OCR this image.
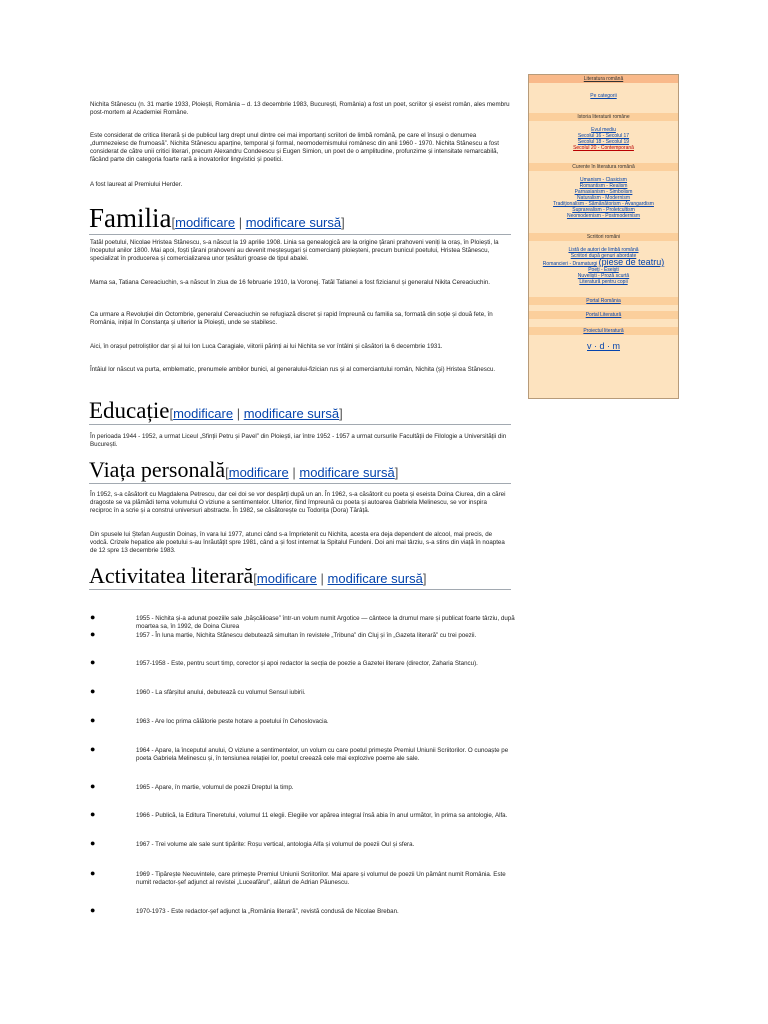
Nichita Stănescu (n. 31 martie 1933, Ploiești, România – d. 13 decembrie 1983, București, România) a fost un poet, scriitor și eseist român, ales membru post-mortem al Academiei Române.

Este considerat de critica literară și de publicul larg drept unul dintre cei mai importanți scriitori de limbă română, pe care el însuși o denumea „dumnezeiesc de frumoasă”. Nichita Stănescu aparține, temporal și formal, neomodernismului românesc din anii 1960 - 1970. Nichita Stănescu a fost considerat de către unii critici literari, precum Alexandru Condeescu și Eugen Simion, un poet de o amplitudine, profunzime și intensitate remarcabilă, făcând parte din categoria foarte rară a inovatorilor lingvistici și poetici.

A fost laureat al Premiului Herder.

Familia[modificare | modificare sursă]

Tatăl poetului, Nicolae Hristea Stănescu, s-a născut la 19 aprilie 1908. Linia sa genealogică are la origine țărani prahoveni veniți la oraș, în Ploiești, la începutul anilor 1800. Mai apoi, foști țărani prahoveni au devenit meșteșugari și comercianți ploieșteni, precum bunicul poetului, Hristea Stănescu, specializat în producerea și comercializarea unor țesături groase de tipul abalei.

Mama sa, Tatiana Cereaciuchin, s-a născut în ziua de 16 februarie 1910, la Voronej. Tatăl Tatianei a fost fizicianul și generalul Nikita Cereaciuchin.

Ca urmare a Revoluției din Octombrie, generalul Cereaciuchin se refugiază discret și rapid împreună cu familia sa, formată din soție și două fete, în România, inițial în Constanța și ulterior la Ploiești, unde se stabilesc.

Aici, în orașul petroliștilor dar și al lui Ion Luca Caragiale, viitorii părinți ai lui Nichita se vor întâlni și căsători la 6 decembrie 1931.

Întâiul lor născut va purta, emblematic, prenumele ambilor bunici, al generalului-fizician rus și al comerciantului român, Nichita (și) Hristea Stănescu.

Educație[modificare | modificare sursă]

În perioada 1944 - 1952, a urmat Liceul „Sfinții Petru și Pavel” din Ploiești, iar între 1952 - 1957 a urmat cursurile Facultății de Filologie a Universității din București.

Viața personală[modificare | modificare sursă]

În 1952, s-a căsătorit cu Magdalena Petrescu, dar cei doi se vor despărți după un an. În 1962, s-a căsătorit cu poeta și eseista Doina Ciurea, din a cărei dragoste se va plămădi tema volumului O viziune a sentimentelor. Ulterior, fiind împreună cu poeta și autoarea Gabriela Melinescu, se vor inspira reciproc în a scrie și a construi universuri abstracte. În 1982, se căsătorește cu Todorița (Dora) Tărâță.

Din spusele lui Ștefan Augustin Doinaș, în vara lui 1977, atunci când s-a împrietenit cu Nichita, acesta era deja dependent de alcool, mai precis, de vodcă. Crizele hepatice ale poetului s-au înrăutățit spre 1981, când a și fost internat la Spitalul Fundeni. Doi ani mai târziu, s-a stins din viață în noaptea de 12 spre 13 decembrie 1983.

Activitatea literară[modificare | modificare sursă]
●	1955 - Nichita și-a adunat poeziile sale „bășcălioase” într-un volum numit Argotice — cântece la drumul mare și publicat foarte târziu, după moartea sa, în 1992, de Doina Ciurea
●	1957 - În luna martie, Nichita Stănescu debutează simultan în revistele „Tribuna” din Cluj și în „Gazeta literară” cu trei poezii.
●	1957-1958 - Este, pentru scurt timp, corector și apoi redactor la secția de poezie a Gazetei literare (director, Zaharia Stancu).
●	1960 - La sfârșitul anului, debutează cu volumul Sensul iubirii.
●	1963 - Are loc prima călătorie peste hotare a poetului în Cehoslovacia.
●	1964 - Apare, la începutul anului, O viziune a sentimentelor, un volum cu care poetul primește Premiul Uniunii Scriitorilor. O cunoaște pe poeta Gabriela Melinescu și, în tensiunea relației lor, poetul creează cele mai explozive poeme ale sale.
●	1965 - Apare, în martie, volumul de poezii Dreptul la timp.
●	1966 - Publică, la Editura Tineretului, volumul 11 elegii. Elegiile vor apărea integral însă abia în anul următor, în prima sa antologie, Alfa.
●	1967 - Trei volume ale sale sunt tipărite: Roșu vertical, antologia Alfa și volumul de poezii Oul și sfera.
●	1969 - Tipărește Necuvintele, care primește Premiul Uniunii Scriitorilor. Mai apare și volumul de poezii Un pământ numit România. Este numit redactor-șef adjunct al revistei „Luceafărul”, alături de Adrian Păunescu.
●	1970-1973 - Este redactor-șef adjunct la „România literară”, revistă condusă de Nicolae Breban.
Literatura română
Pe categorii
Istoria literaturii române
Evul mediu
Secolul 16 - Secolul 17
Secolul 18 - Secolul 19
Secolul 20 - Contemporană
Curente în literatura română
Umanism - Clasicism
Romantism - Realism
Parnasianism - Simbolism
Naturalism - Modernism
Tradiționalism - Sămănătorism - Avangardism
Suprarealism - Proletcultism
Neomodernism - Postmodernism
Scriitori români
Listă de autori de limbă română
Scriitori după genuri abordate
Romancieri - Dramaturgi (piese de teatru)
Poeți - Eseiști
Nuveliști - Proză scurtă
Literatură pentru copii
Portal România
Portal Literatură
Proiectul literatură
v · d · m
